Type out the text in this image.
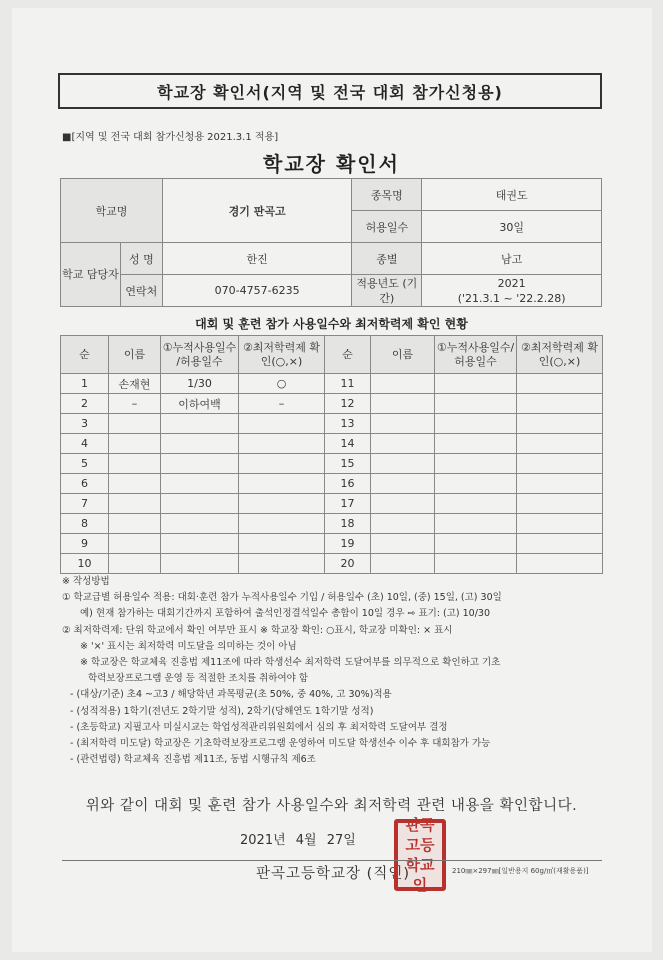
학교장 확인서(지역 및 전국 대회 참가신청용)
■[지역 및 전국 대회 참가신청용 2021.3.1 적용]
학교장 확인서
학교명		경기 판곡고	종목명	태권도
			허용일수	30일
학교 담당자	성 명	한진	종별	남고
	연락처	070-4757-6235	적용년도 (기간)	2021
('21.3.1 ~ '22.2.28)
대회 및 훈련 참가 사용일수와 최저학력제 확인 현황
순	이름	①누적사용일수 /허용일수	②최저학력제 확인(○,×)	순	이름	①누적사용일수/ 허용일수	②최저학력제 확인(○,×)
1	손재현	1/30	○	11			
2	–	이하여백	–	12			
3				13			
4				14			
5				15			
6				16			
7				17			
8				18			
9				19			
10				20			
※ 작성방법
① 학교급별 허용일수 적용: 대회·훈련 참가 누적사용일수 기입 / 허용일수 (초) 10일, (중) 15일, (고) 30일
예) 현재 참가하는 대회기간까지 포함하여 출석인정결석일수 총합이 10일 경우 ⇨ 표기: (고) 10/30
② 최저학력제: 단위 학교에서 확인 여부만 표시 ※ 학교장 확인: ○표시, 학교장 미확인: × 표시
※ '×' 표시는 최저학력 미도달을 의미하는 것이 아님
※ 학교장은 학교체육 진흥법 제11조에 따라 학생선수 최저학력 도달여부를 의무적으로 확인하고 기초
학력보장프로그램 운영 등 적절한 조치를 취하여야 함
- (대상/기준) 초4 ~고3 / 해당학년 과목평균(초 50%, 중 40%, 고 30%)적용
- (성적적용) 1학기(전년도 2학기말 성적), 2학기(당해연도 1학기말 성적)
- (초등학교) 지필고사 미실시교는 학업성적관리위원회에서 심의 후 최저학력 도달여부 결정
- (최저학력 미도달) 학교장은 기초학력보장프로그램 운영하여 미도달 학생선수 이수 후 대회참가 가능
- (관련법령) 학교체육 진흥법 제11조, 동법 시행규칙 제6조
위와 같이 대회 및 훈련 참가 사용일수와 최저학력 관련 내용을 확인합니다.
2021년 4월 27일
판곡고등학교장 (직인)
판곡 고등 학교 인
210㎜×297㎜[일반용지 60g/㎡(재활용품)]
